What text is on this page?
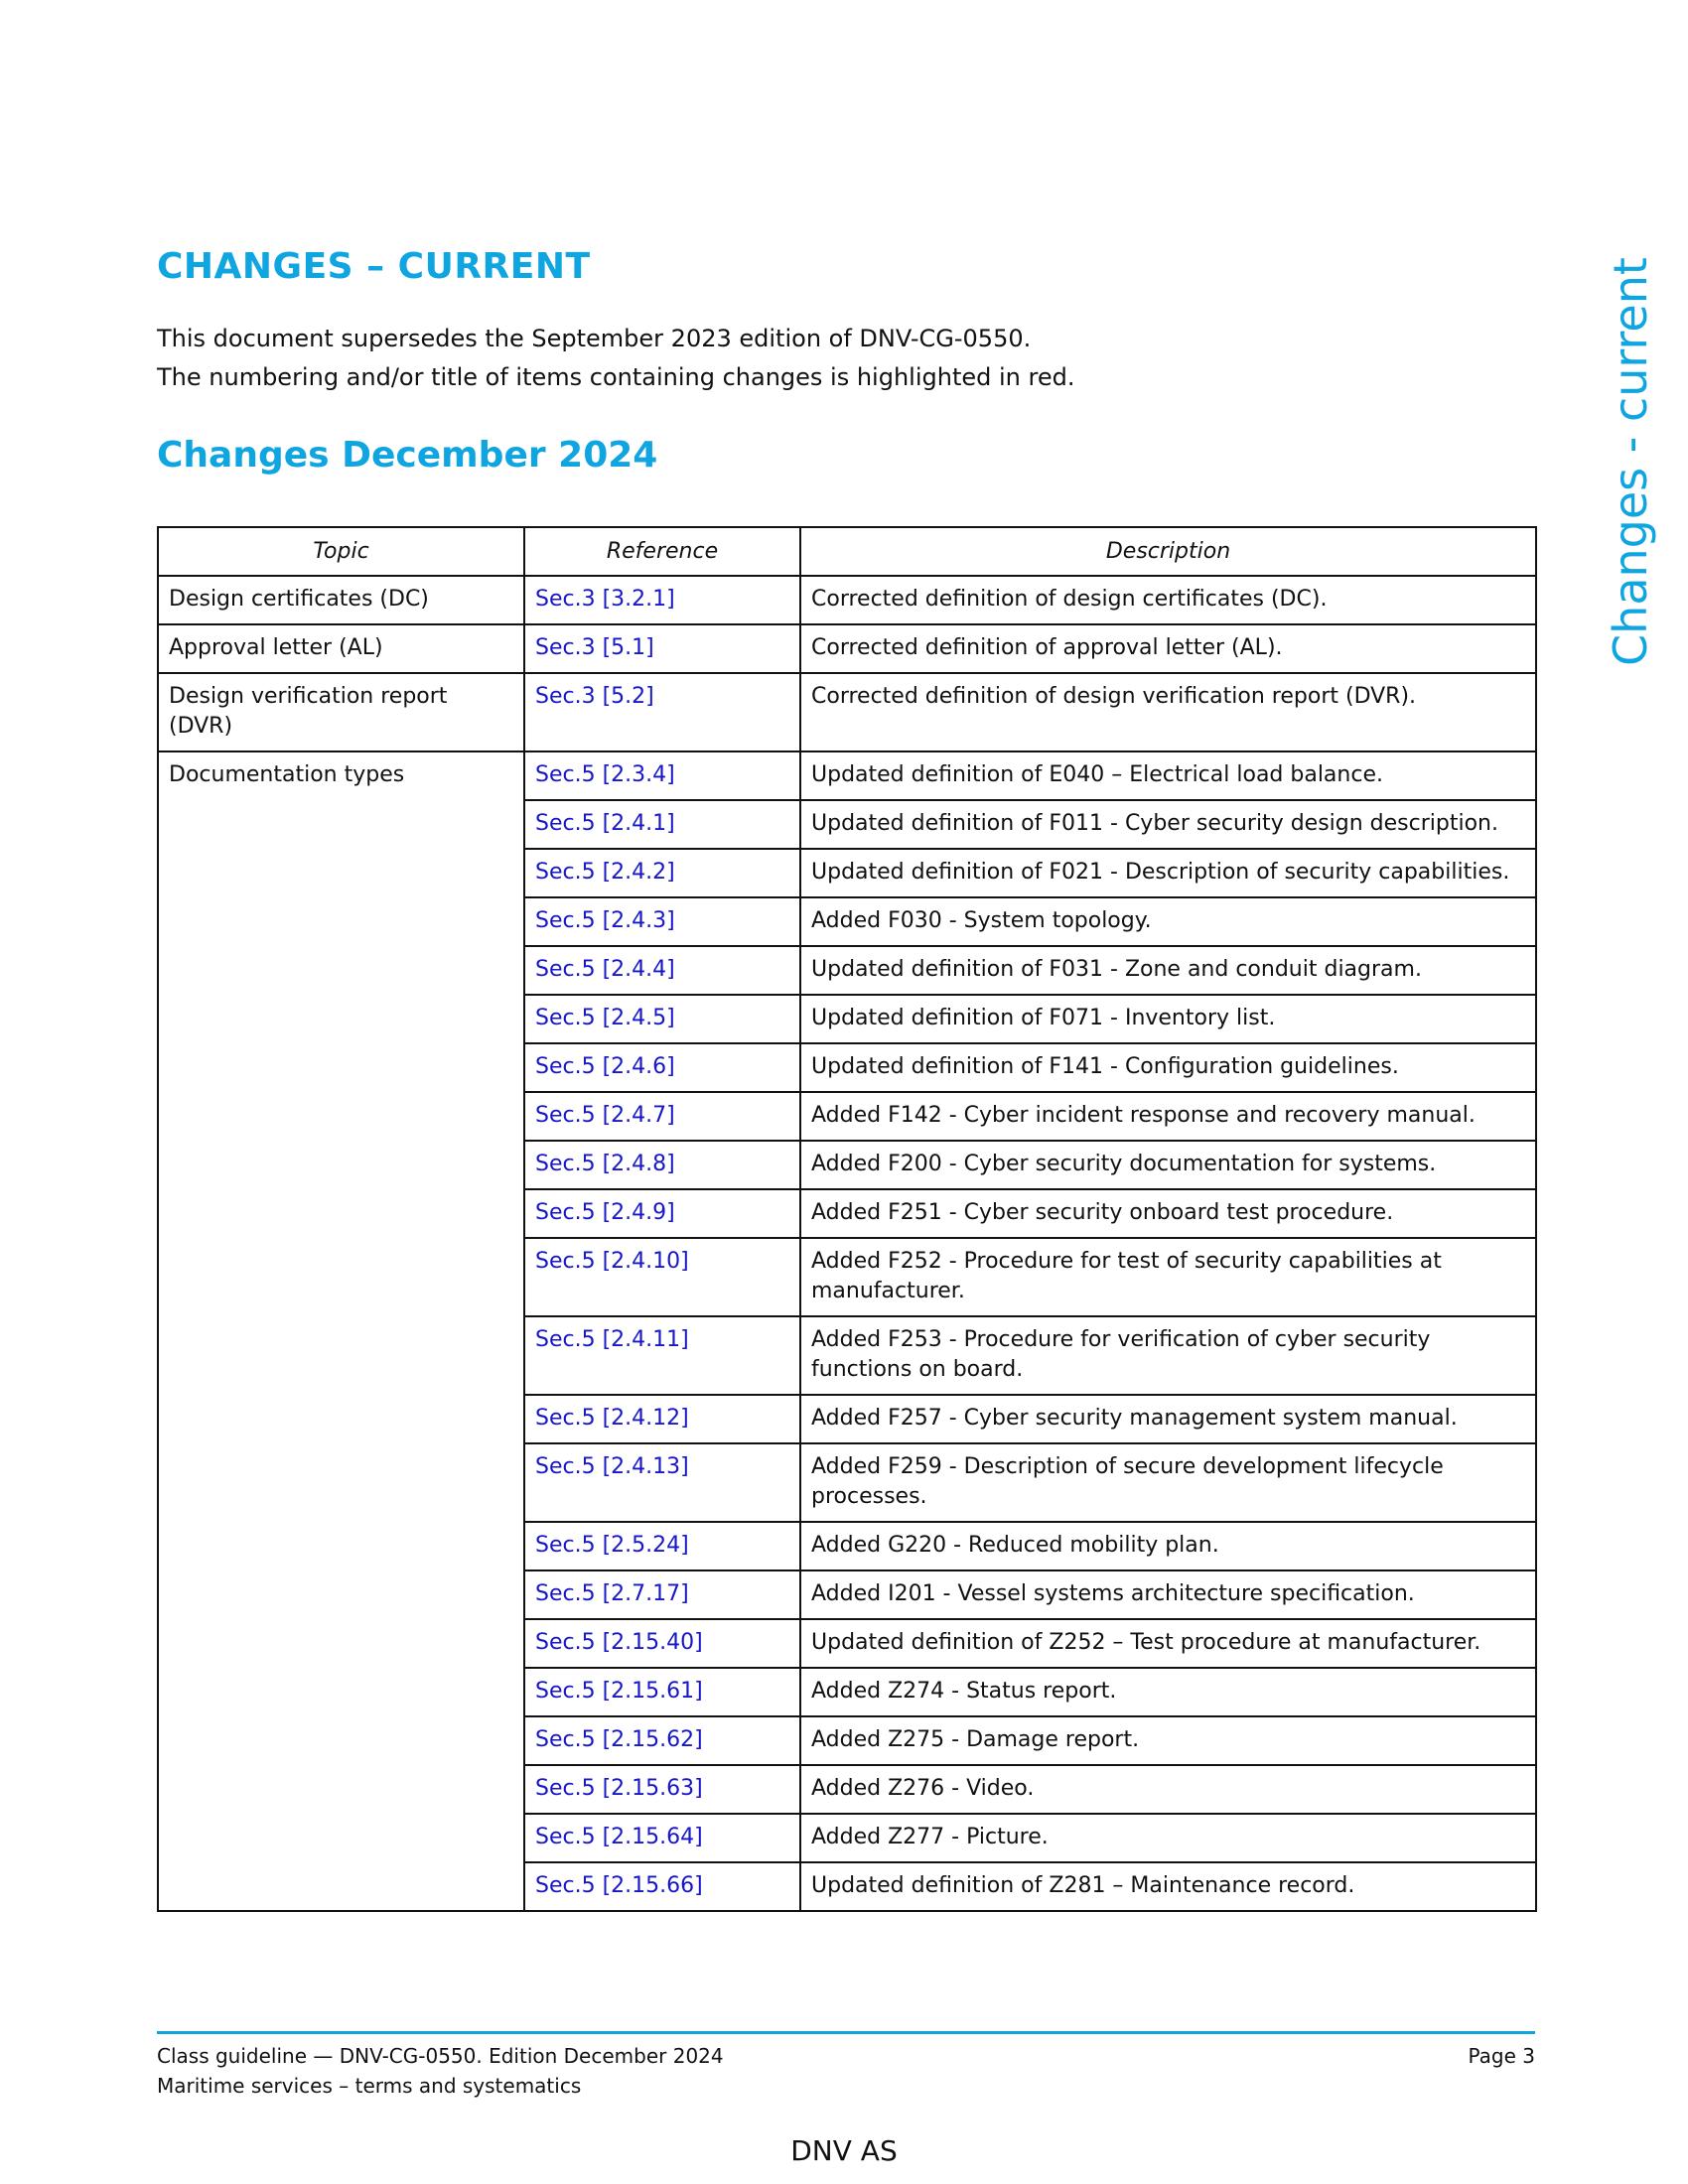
CHANGES – CURRENT

This document supersedes the September 2023 edition of DNV-CG-0550.

The numbering and/or title of items containing changes is highlighted in red.

Changes December 2024	Changes - current
Topic	Reference	Description
Design certificates (DC)	Sec.3 [3.2.1]	Corrected definition of design certificates (DC).
Approval letter (AL)	Sec.3 [5.1]	Corrected definition of approval letter (AL).
Design verification report (DVR)	Sec.3 [5.2]	Corrected definition of design verification report (DVR).
Documentation types	Sec.5 [2.3.4]	Updated definition of E040 – Electrical load balance.
	Sec.5 [2.4.1]	Updated definition of F011 - Cyber security design description.
	Sec.5 [2.4.2]	Updated definition of F021 - Description of security capabilities.
	Sec.5 [2.4.3]	Added F030 - System topology.
	Sec.5 [2.4.4]	Updated definition of F031 - Zone and conduit diagram.
	Sec.5 [2.4.5]	Updated definition of F071 - Inventory list.
	Sec.5 [2.4.6]	Updated definition of F141 - Configuration guidelines.
	Sec.5 [2.4.7]	Added F142 - Cyber incident response and recovery manual.
	Sec.5 [2.4.8]	Added F200 - Cyber security documentation for systems.
	Sec.5 [2.4.9]	Added F251 - Cyber security onboard test procedure.
	Sec.5 [2.4.10]	Added F252 - Procedure for test of security capabilities at manufacturer.
	Sec.5 [2.4.11]	Added F253 - Procedure for verification of cyber security functions on board.
	Sec.5 [2.4.12]	Added F257 - Cyber security management system manual.
	Sec.5 [2.4.13]	Added F259 - Description of secure development lifecycle processes.
	Sec.5 [2.5.24]	Added G220 - Reduced mobility plan.
	Sec.5 [2.7.17]	Added I201 - Vessel systems architecture specification.
	Sec.5 [2.15.40]	Updated definition of Z252 – Test procedure at manufacturer.
	Sec.5 [2.15.61]	Added Z274 - Status report.
	Sec.5 [2.15.62]	Added Z275 - Damage report.
	Sec.5 [2.15.63]	Added Z276 - Video.
	Sec.5 [2.15.64]	Added Z277 - Picture.
	Sec.5 [2.15.66]	Updated definition of Z281 – Maintenance record.
Class guideline — DNV-CG-0550. Edition December 2024
Maritime services – terms and systematics
Page 3
DNV AS
